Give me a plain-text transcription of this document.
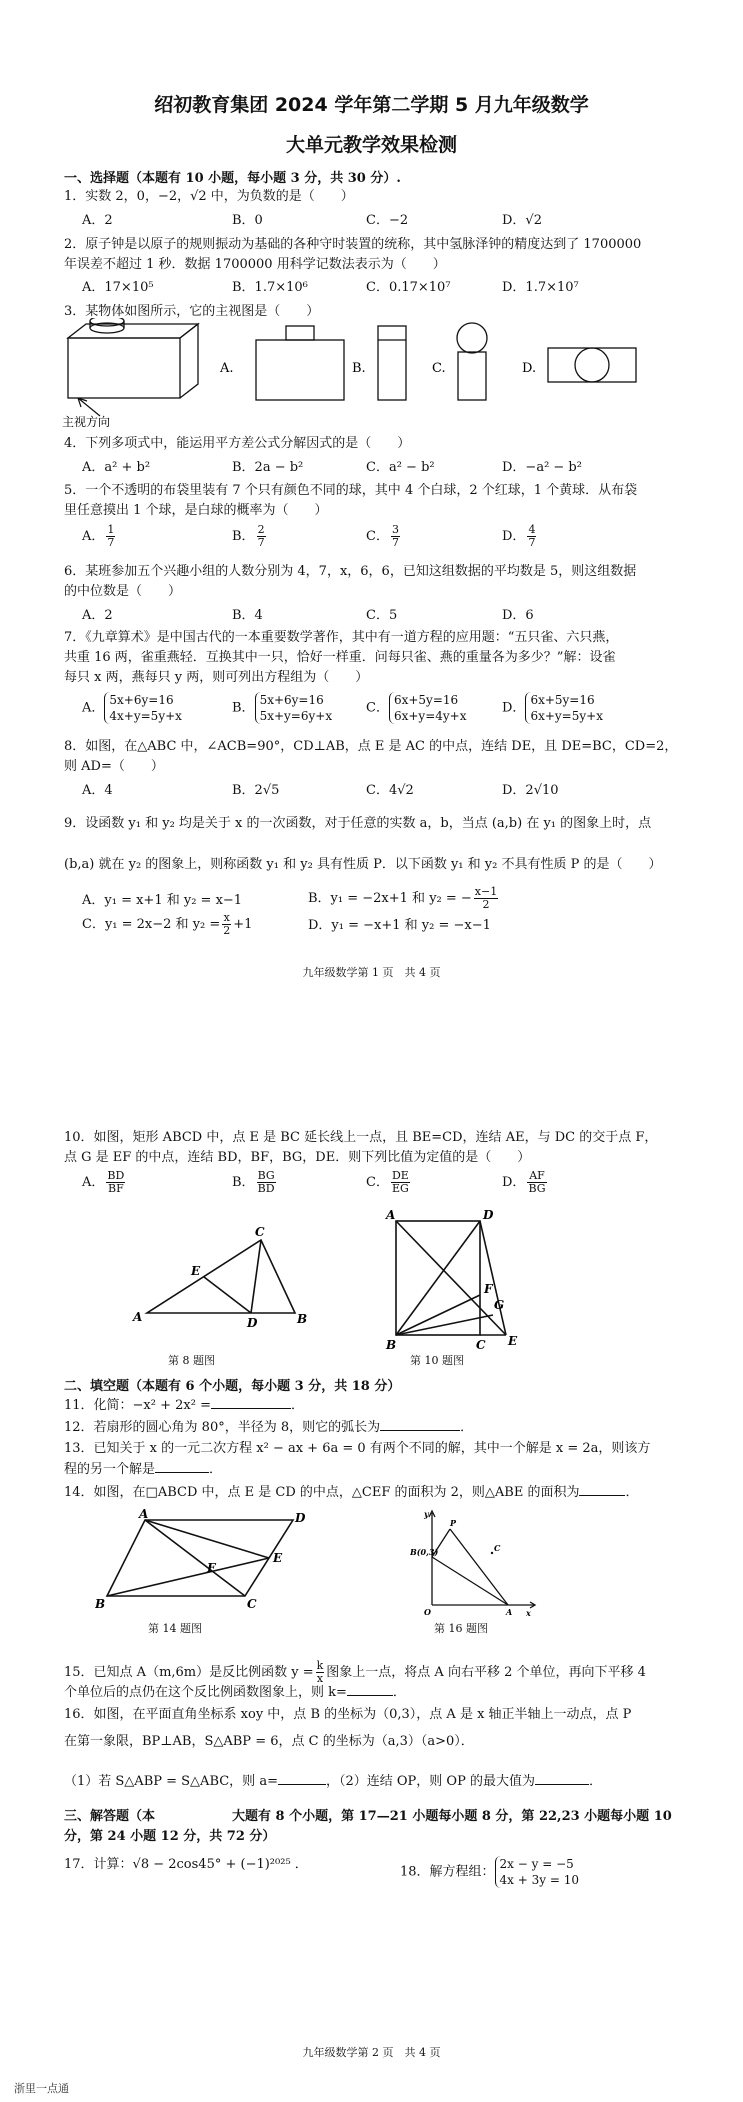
绍初教育集团 2024 学年第二学期 5 月九年级数学
大单元教学效果检测
一、选择题（本题有 10 小题，每小题 3 分，共 30 分）.
1．实数 2，0，−2，√2 中，为负数的是（　　）
A．2	B．0	C．−2	D．√2
2．原子钟是以原子的规则振动为基础的各种守时装置的统称，其中氢脉泽钟的精度达到了 1700000
年误差不超过 1 秒．数据 1700000 用科学记数法表示为（　　）
A．17×10⁵	B．1.7×10⁶	C．0.17×10⁷	D．1.7×10⁷
3．某物体如图所示，它的主视图是（　　）
主视方向
A.	B.	C.	D.
4．下列多项式中，能运用平方差公式分解因式的是（　　）
A．a² + b²	B．2a − b²	C．a² − b²	D．−a² − b²
5．一个不透明的布袋里装有 7 个只有颜色不同的球，其中 4 个白球，2 个红球，1 个黄球．从布袋
里任意摸出 1 个球，是白球的概率为（　　）
A． $\frac{1}{7}$	B． $\frac{2}{7}$	C． $\frac{3}{7}$	D． $\frac{4}{7}$
6．某班参加五个兴趣小组的人数分别为 4，7，x，6，6，已知这组数据的平均数是 5，则这组数据
的中位数是（　　）
A．2	B．4	C．5	D．6
7．《九章算术》是中国古代的一本重要数学著作，其中有一道方程的应用题：“五只雀、六只燕，
共重 16 两，雀重燕轻．互换其中一只，恰好一样重．问每只雀、燕的重量各为多少？”解：设雀
每只 x 两，燕每只 y 两，则可列出方程组为（　　）
A．5x+6y=16
4x+y=5y+x
B．5x+6y=16
5x+y=6y+x
C．6x+5y=16
6x+y=4y+x
D．6x+5y=16
6x+y=5y+x
8．如图，在△ABC 中，∠ACB=90°，CD⊥AB，点 E 是 AC 的中点，连结 DE，且 DE=BC，CD=2，
则 AD=（　　）
A．4	B．2√5	C．4√2	D．2√10
9．设函数 y₁ 和 y₂ 均是关于 x 的一次函数，对于任意的实数 a，b，当点 (a,b) 在 y₁ 的图象上时，点
(b,a) 就在 y₂ 的图象上，则称函数 y₁ 和 y₂ 具有性质 P．以下函数 y₁ 和 y₂ 不具有性质 P 的是（　　）
A．y₁ = x+1 和 y₂ = x−1	B．y₁ = −2x+1 和 y₂ = − $\frac{x-1}{2}$
C．y₁ = 2x−2 和 $y_2 = \frac{x}{2} +1$	D．y₁ = −x+1 和 y₂ = −x−1
九年级数学第 1 页　共 4 页
10．如图，矩形 ABCD 中，点 E 是 BC 延长线上一点，且 BE=CD，连结 AE，与 DC 的交于点 F，
点 G 是 EF 的中点，连结 BD，BF，BG，DE．则下列比值为定值的是（　　）
A． $\frac{BD}{BF}$	B． $\frac{BG}{BD}$	C． $\frac{DE}{EG}$	D． $\frac{AF}{BG}$
A	B
C
D
E
第 8 题图
A
B	C
D
E
F
G
第 10 题图
二、填空题（本题有 6 个小题，每小题 3 分，共 18 分）
11．化简：−x² + 2x² =	．
12．若扇形的圆心角为 80°，半径为 8，则它的弧长为	．
13．已知关于 x 的一元二次方程 x² − ax + 6a = 0 有两个不同的解，其中一个解是 x = 2a，则该方
程的另一个解是	．
14．如图，在□ABCD 中，点 E 是 CD 的中点，△CEF 的面积为 2，则△ABE 的面积为	．
A
B	C
D
E
F
第 14 题图
y
x
O	A
B(0,3)
P
C
第 16 题图
15．已知点 A（m,6m）是反比例函数 $y = \frac{k}{x}$ 图象上一点，将点 A 向右平移 2 个单位，再向下平移 4
个单位后的点仍在这个反比例函数图象上，则 k=	．
16．如图，在平面直角坐标系 xoy 中，点 B 的坐标为（0,3），点 A 是 x 轴正半轴上一动点，点 P
在第一象限，BP⊥AB，S△ABP = 6，点 C 的坐标为（a,3）（a>0）．
（1）若 S△ABP = S△ABC，则 a=	，（2）连结 OP，则 OP 的最大值为	．
三、解答题（本	大题有 8 个小题，第 17—21 小题每小题 8 分，第 22,23 小题每小题 10
分，第 24 小题 12 分，共 72 分）
17．计算：√8 − 2cos45° + (−1)²⁰²⁵ ．	18．解方程组：2x − y = −5
4x + 3y = 10
九年级数学第 2 页　共 4 页
浙里一点通
